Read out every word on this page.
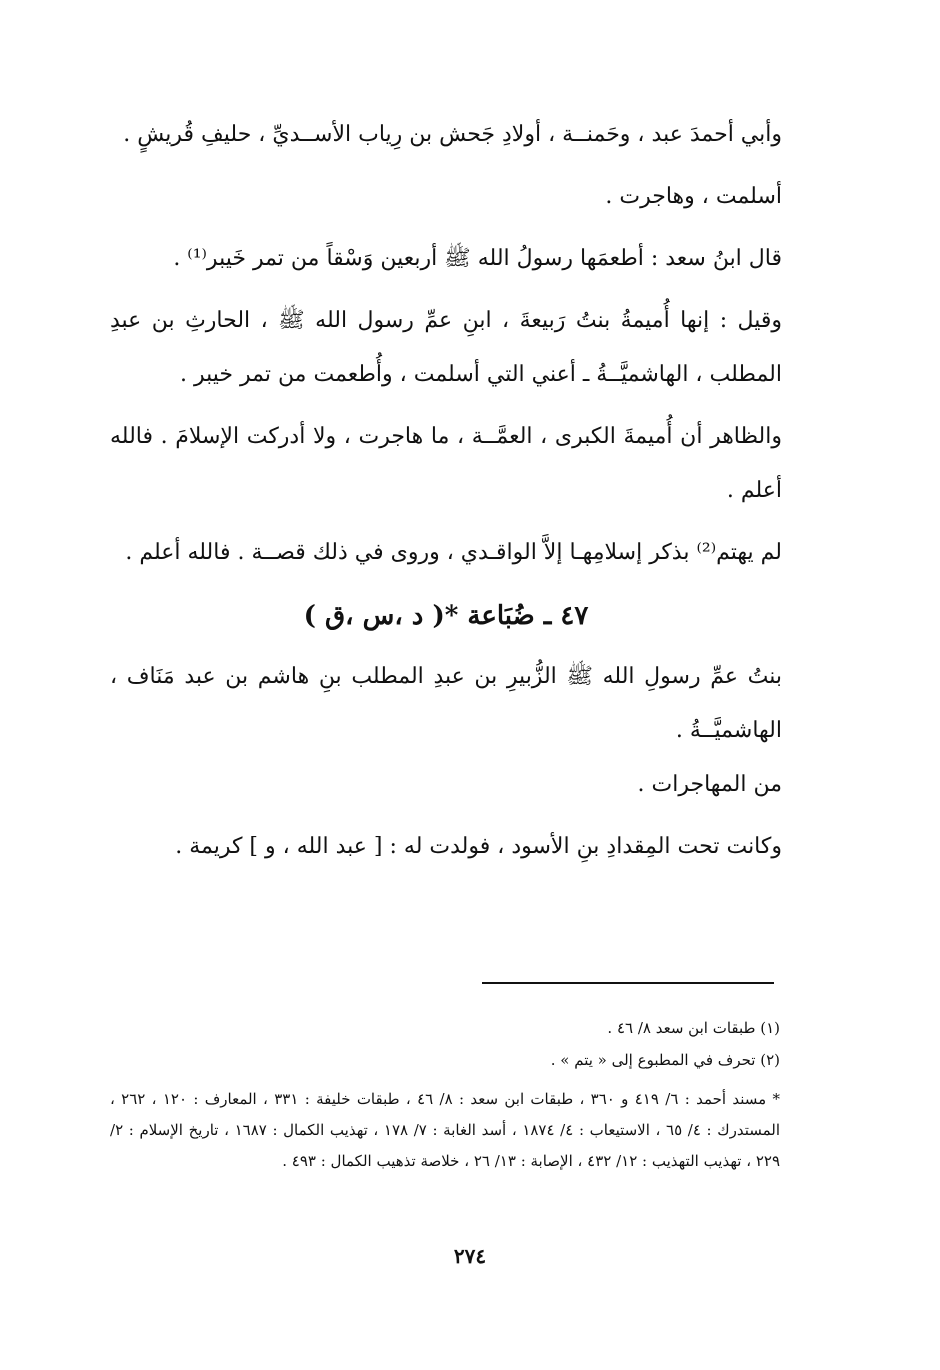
وأبي أحمدَ عبد ، وحَمنــة ، أولادِ جَحش بن رِياب الأســديِّ ، حليفِ قُريشٍ .

أسلمت ، وهاجرت .

قال ابنُ سعد : أطعمَها رسولُ الله ﷺ أربعين وَسْقاً من تمر خَيبر⁽¹⁾ .

وقيل : إنها أُميمةُ بنتُ رَبيعةَ ، ابنِ عمِّ رسول الله ﷺ ، الحارثِ بن عبدِ المطلب ، الهاشميَّــةُ ـ أعني التي أسلمت ، وأُطعمت من تمر خيبر .

والظاهر أن أُميمةَ الكبرى ، العمَّــة ، ما هاجرت ، ولا أدركت الإسلامَ . فالله أعلم .

لم يهتم⁽²⁾ بذكر إسلامِهـا إلاَّ الواقـدي ، وروى في ذلك قصــة . فالله أعلم .

٤٧ ـ ضُبَاعة *( د ،س ،ق )

بنتُ عمِّ رسولِ الله ﷺ الزُّبيرِ بن عبدِ المطلب بنِ هاشم بن عبد مَنَاف ، الهاشميَّــةُ .

من المهاجرات .

وكانت تحت المِقدادِ بنِ الأسود ، فولدت له : [ عبد الله ، و ] كريمة .

(١) طبقات ابن سعد ٨/ ٤٦ .

(٢) تحرف في المطبوع إلى « يتم » .

* مسند أحمد : ٦/ ٤١٩ و ٣٦٠ ، طبقات ابن سعد : ٨/ ٤٦ ، طبقات خليفة : ٣٣١ ، المعارف : ١٢٠ ، ٢٦٢ ، المستدرك : ٤/ ٦٥ ، الاستيعاب : ٤/ ١٨٧٤ ، أسد الغابة : ٧/ ١٧٨ ، تهذيب الكمال : ١٦٨٧ ، تاريخ الإسلام : ٢/ ٢٢٩ ، تهذيب التهذيب : ١٢/ ٤٣٢ ، الإصابة : ١٣/ ٢٦ ، خلاصة تذهيب الكمال : ٤٩٣ .

٢٧٤
